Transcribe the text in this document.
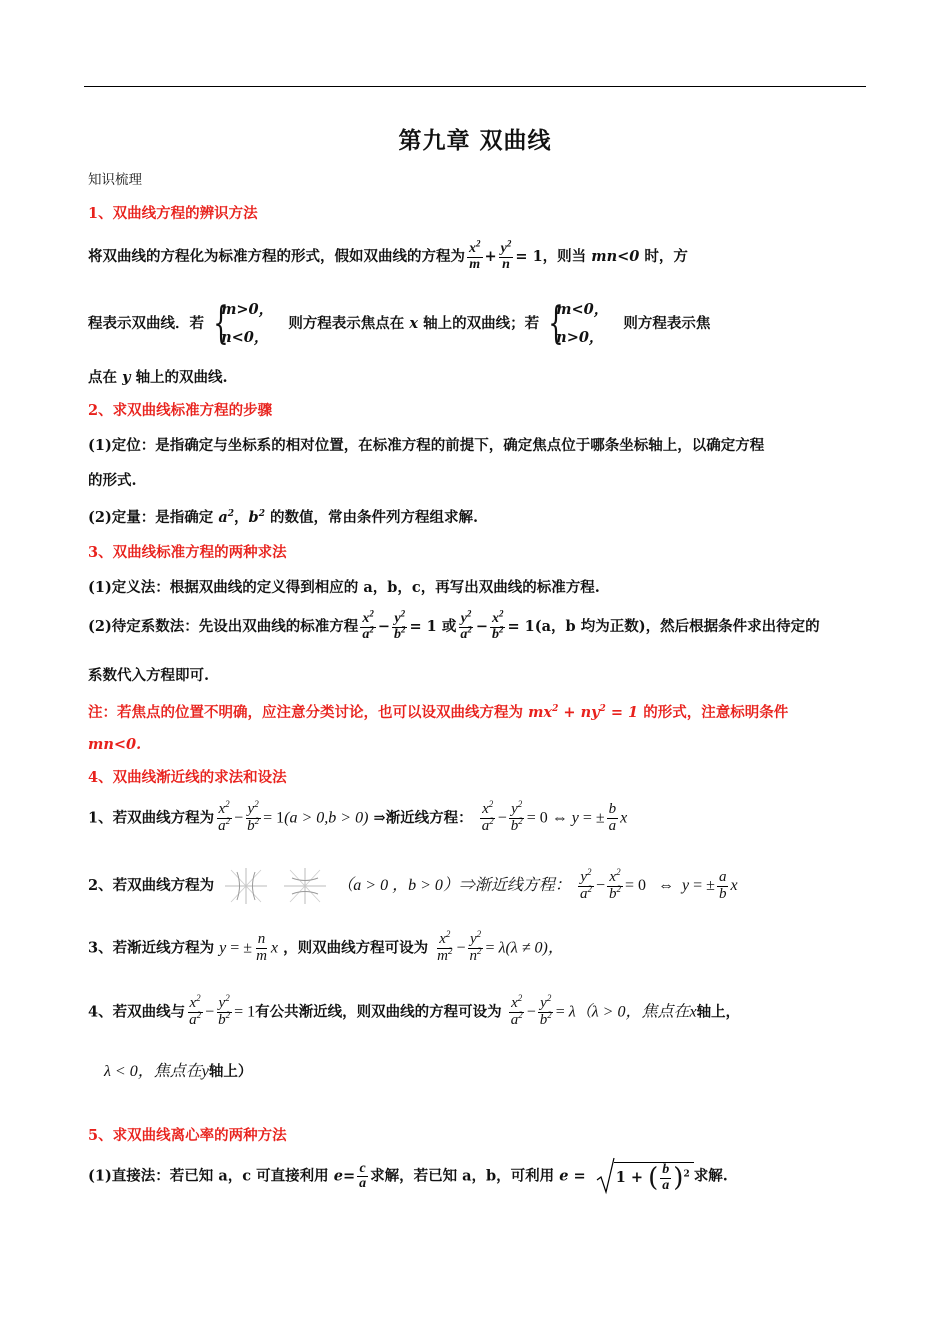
第九章 双曲线
知识梳理
1、双曲线方程的辨识方法
将双曲线的方程化为标准方程的形式，假如双曲线的方程为 $\frac{x^2}{m} + \frac{y^2}{n} = 1$，则当 mn<0 时，方
程表示双曲线．若
{ m>0，
n<0，
则方程表示焦点在 x 轴上的双曲线；若
{ m<0，
n>0，
则方程表示焦
点在 y 轴上的双曲线.
2、求双曲线标准方程的步骤
(1)定位：是指确定与坐标系的相对位置，在标准方程的前提下，确定焦点位于哪条坐标轴上，以确定方程
的形式.
(2)定量：是指确定 $a^2$，$b^2$ 的数值，常由条件列方程组求解.
3、双曲线标准方程的两种求法
(1)定义法：根据双曲线的定义得到相应的 a，b，c，再写出双曲线的标准方程.
(2)待定系数法：先设出双曲线的标准方程 $\frac{x^2}{a^2} - \frac{y^2}{b^2} = 1$ 或 $\frac{y^2}{a^2} - \frac{x^2}{b^2} = 1(a$，b 均为正数)，然后根据条件求出待定的
系数代入方程即可.
注：若焦点的位置不明确，应注意分类讨论，也可以设双曲线方程为 $mx^2 + ny^2 = 1$ 的形式，注意标明条件
mn<0.
4、双曲线渐近线的求法和设法
1、若双曲线方程为 $\frac{x^2}{a^2} - \frac{y^2}{b^2} = 1(a > 0,b > 0)$ ⇒渐近线方程： $\frac{x^2}{a^2} - \frac{y^2}{b^2} = 0$ ⇔ y = ± $\frac{b}{a}$ x
2、若双曲线方程为	（a > 0 ，b > 0）⇒渐近线方程： $\frac{y^2}{a^2} - \frac{x^2}{b^2} = 0$   ⇔  y = ± $\frac{a}{b}$ x
3、若渐近线方程为 y = ± $\frac{n}{m}$ x ，则双曲线方程可设为 $\frac{x^2}{m^2} - \frac{y^2}{n^2} = \lambda(\lambda \ne 0)$，
4、若双曲线与 $\frac{x^2}{a^2} - \frac{y^2}{b^2} = 1$有公共渐近线，则双曲线的方程可设为 $\frac{x^2}{a^2} - \frac{y^2}{b^2} = \lambda(\lambda > 0$，焦点在x轴上，
λ < 0，焦点在y轴上）
5、求双曲线离心率的两种方法
(1)直接法：若已知 a，c 可直接利用 $e= \frac{c}{a}$ 求解，若已知 a，b，可利用 e =
1 + ( $\frac{b}{a} )^2$ 求解.
